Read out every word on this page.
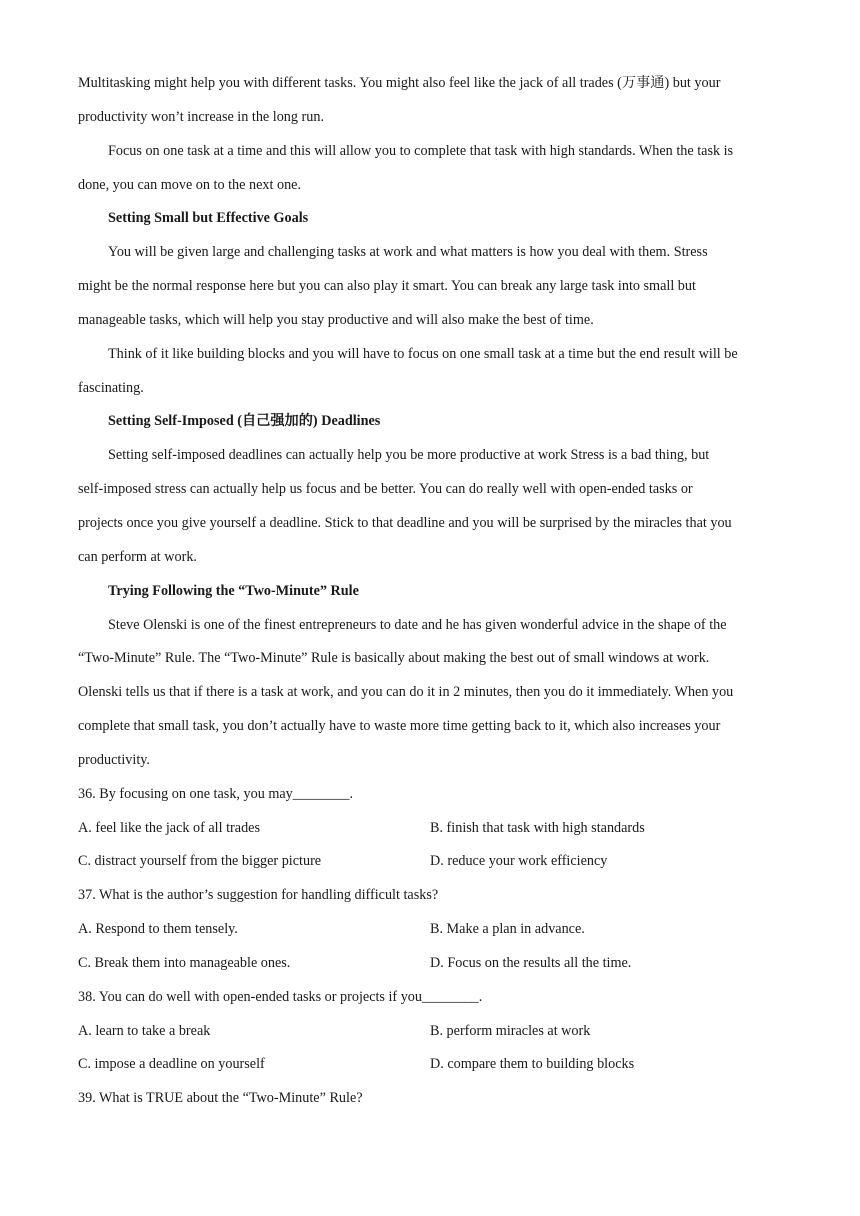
Multitasking might help you with different tasks. You might also feel like the jack of all trades (万事通) but your
productivity won’t increase in the long run.
Focus on one task at a time and this will allow you to complete that task with high standards. When the task is
done, you can move on to the next one.
Setting Small but Effective Goals
You will be given large and challenging tasks at work and what matters is how you deal with them. Stress
might be the normal response here but you can also play it smart. You can break any large task into small but
manageable tasks, which will help you stay productive and will also make the best of time.
Think of it like building blocks and you will have to focus on one small task at a time but the end result will be
fascinating.
Setting Self-Imposed (自己强加的) Deadlines
Setting self-imposed deadlines can actually help you be more productive at work Stress is a bad thing, but
self-imposed stress can actually help us focus and be better. You can do really well with open-ended tasks or
projects once you give yourself a deadline. Stick to that deadline and you will be surprised by the miracles that you
can perform at work.
Trying Following the “Two-Minute” Rule
Steve Olenski is one of the finest entrepreneurs to date and he has given wonderful advice in the shape of the
“Two-Minute” Rule. The “Two-Minute” Rule is basically about making the best out of small windows at work.
Olenski tells us that if there is a task at work, and you can do it in 2 minutes, then you do it immediately. When you
complete that small task, you don’t actually have to waste more time getting back to it, which also increases your
productivity.
36. By focusing on one task, you may________.
A. feel like the jack of all trades	B. finish that task with high standards
C. distract yourself from the bigger picture	D. reduce your work efficiency
37. What is the author’s suggestion for handling difficult tasks?
A. Respond to them tensely.	B. Make a plan in advance.
C. Break them into manageable ones.	D. Focus on the results all the time.
38. You can do well with open-ended tasks or projects if you________.
A. learn to take a break	B. perform miracles at work
C. impose a deadline on yourself	D. compare them to building blocks
39. What is TRUE about the “Two-Minute” Rule?
